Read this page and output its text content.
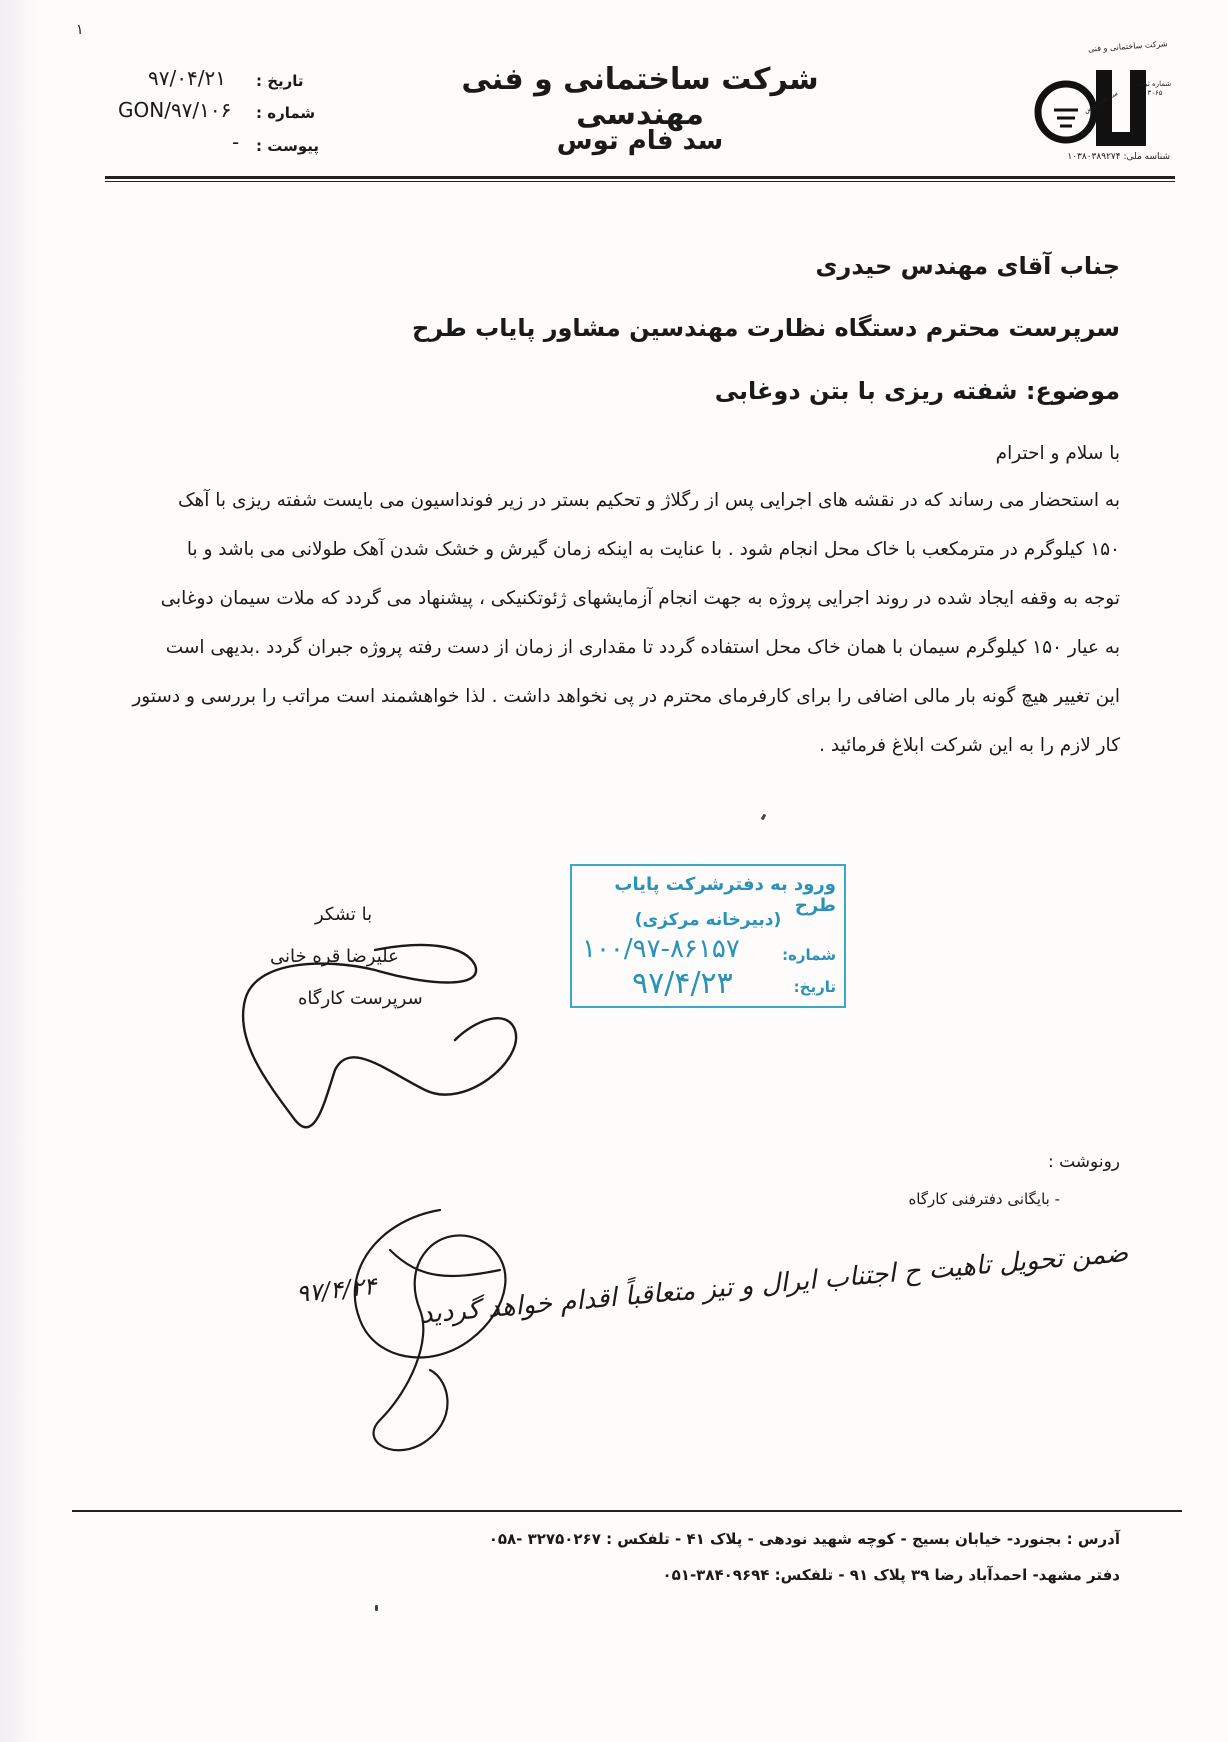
۱
شرکت ساختمانی و فنی
شماره ثبت ۳۰۶۵
سد فام توس
شناسه ملی: ۱۰۳۸۰۳۸۹۲۷۴
شرکت ساختمانی و فنی مهندسی
سد فام توس
تاریخ :
۹۷/۰۴/۲۱
شماره :
GON/۹۷/۱۰۶
پیوست :
-
جناب آقای مهندس حیدری
سرپرست محترم دستگاه نظارت مهندسین مشاور پایاب طرح
موضوع: شفته ریزی با بتن دوغابی
با سلام و احترام
به استحضار می رساند که در نقشه های اجرایی پس از رگلاژ و تحکیم بستر در زیر فونداسیون می بایست شفته ریزی با آهک
۱۵۰ کیلوگرم در مترمکعب با خاک محل انجام شود . با عنایت به اینکه زمان گیرش و خشک شدن آهک طولانی می باشد و با
توجه به وقفه ایجاد شده در روند اجرایی پروژه به جهت انجام آزمایشهای ژئوتکنیکی ، پیشنهاد می گردد که ملات سیمان دوغابی
به عیار ۱۵۰ کیلوگرم سیمان با همان خاک محل استفاده گردد تا مقداری از زمان از دست رفته پروژه جبران گردد .بدیهی است
این تغییر هیچ گونه بار مالی اضافی را برای کارفرمای محترم در پی نخواهد داشت . لذا خواهشمند است مراتب را بررسی و دستور
کار لازم را به این شرکت ابلاغ فرمائید .
با تشکر
علیرضا قره خانی
سرپرست کارگاه
ورود به دفترشرکت پایاب طرح
(دبیرخانه مرکزی)
شماره:
۱۰۰/۹۷-۸۶۱۵۷
تاریخ:
۹۷/۴/۲۳
رونوشت :
- بایگانی دفترفنی کارگاه
ضمن تحویل تاهیت ح اجتناب ایرال و تیز متعاقباً اقدام خواهد گردید
۹۷/۴/۲۴
آدرس : بجنورد- خیابان بسیج - کوچه شهید نودهی - پلاک ۴۱ - تلفکس : ۳۲۷۵۰۲۶۷ -۰۵۸
دفتر مشهد- احمدآباد رضا ۳۹ پلاک ۹۱ - تلفکس: ۳۸۴۰۹۶۹۴-۰۵۱
